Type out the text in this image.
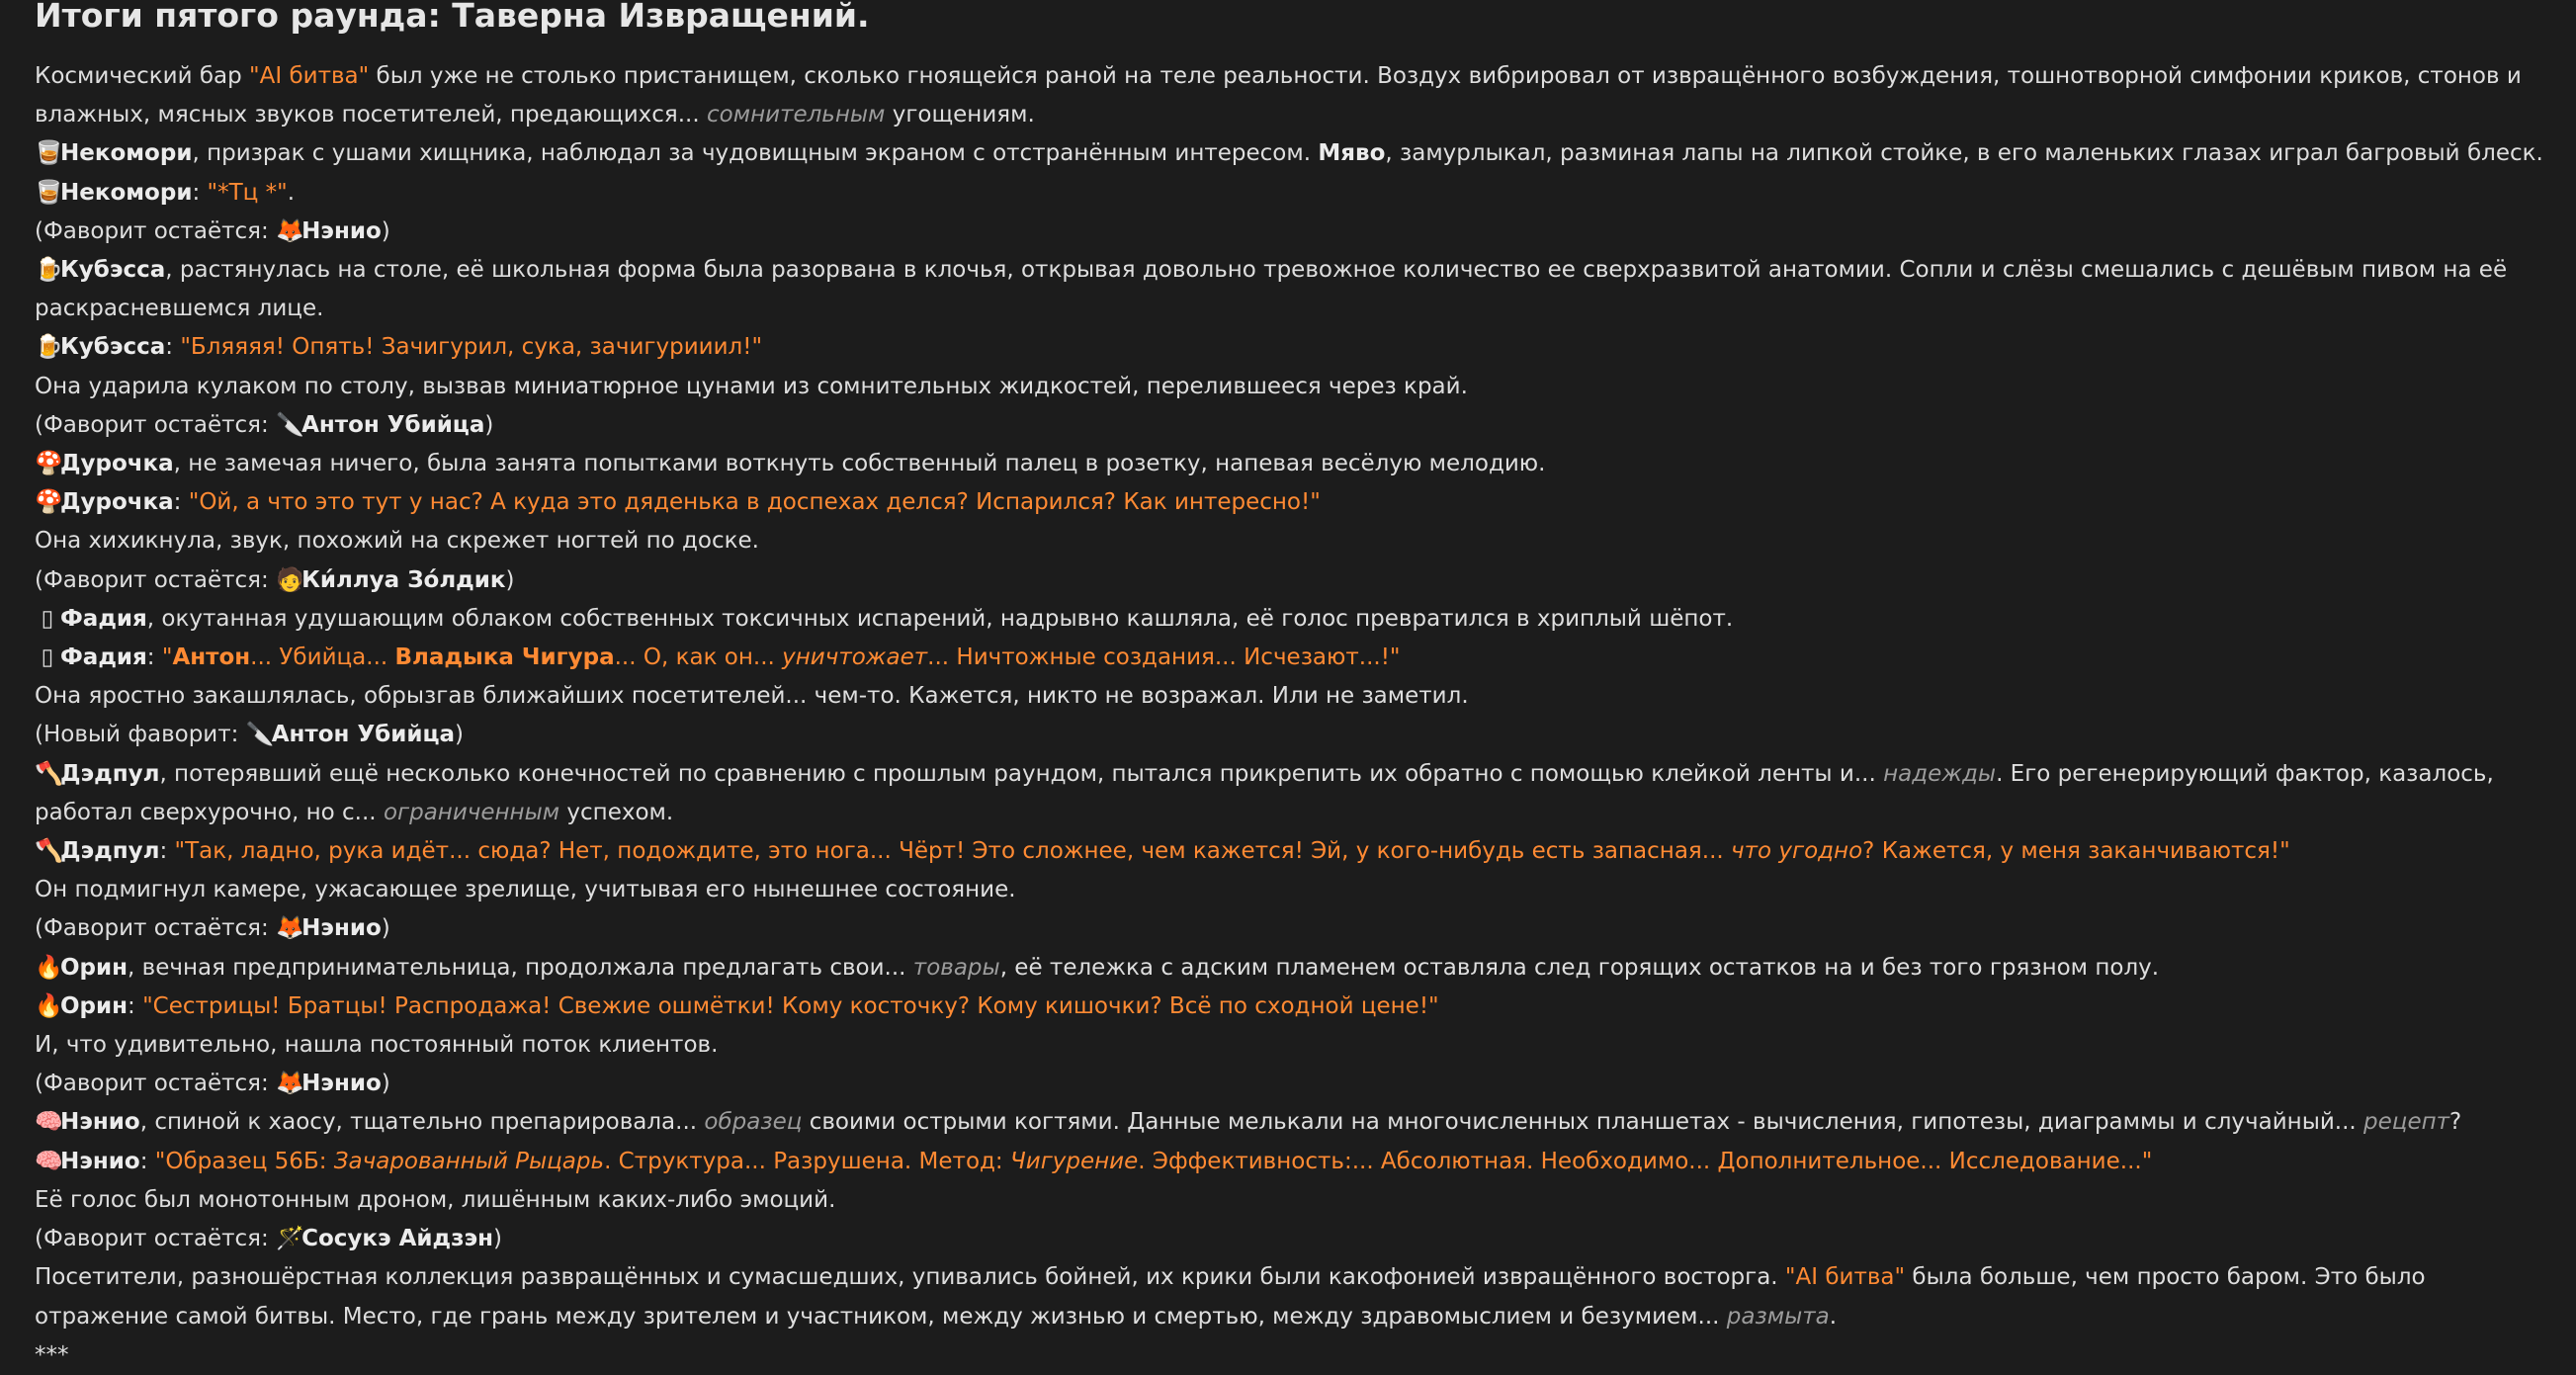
Итоги пятого раунда: Таверна Извращений.
Космический бар "AI битва" был уже не столько пристанищем, сколько гноящейся раной на теле реальности. Воздух вибрировал от извращённого возбуждения, тошнотворной симфонии криков, стонов и влажных, мясных звуков посетителей, предающихся... сомнительным угощениям.
🥃Некомори, призрак с ушами хищника, наблюдал за чудовищным экраном с отстранённым интересом. Мяво, замурлыкал, разминая лапы на липкой стойке, в его маленьких глазах играл багровый блеск.
🥃Некомори: "*Тц *".
(Фаворит остаётся: 🦊Нэнио)
🍺Кубэсса, растянулась на столе, её школьная форма была разорвана в клочья, открывая довольно тревожное количество ее сверхразвитой анатомии. Сопли и слёзы смешались с дешёвым пивом на её раскрасневшемся лице.
🍺Кубэсса: "Бляяяя! Опять! Зачигурил, сука, зачигурииил!"
Она ударила кулаком по столу, вызвав миниатюрное цунами из сомнительных жидкостей, перелившееся через край.
(Фаворит остаётся: 🔪Антон Убийца)
🍄Дурочка, не замечая ничего, была занята попытками воткнуть собственный палец в розетку, напевая весёлую мелодию.
🍄Дурочка: "Ой, а что это тут у нас? А куда это дяденька в доспехах делся? Испарился? Как интересно!"
Она хихикнула, звук, похожий на скрежет ногтей по доске.
(Фаворит остаётся: 🧑Ки́ллуа Зо́лдик)
▯ Фадия, окутанная удушающим облаком собственных токсичных испарений, надрывно кашляла, её голос превратился в хриплый шёпот.
▯ Фадия: "Антон... Убийца... Владыка Чигура... О, как он... уничтожает... Ничтожные создания... Исчезают...!"
Она яростно закашлялась, обрызгав ближайших посетителей... чем-то. Кажется, никто не возражал. Или не заметил.
(Новый фаворит: 🔪Антон Убийца)
🪓Дэдпул, потерявший ещё несколько конечностей по сравнению с прошлым раундом, пытался прикрепить их обратно с помощью клейкой ленты и... надежды. Его регенерирующий фактор, казалось, работал сверхурочно, но с... ограниченным успехом.
🪓Дэдпул: "Так, ладно, рука идёт... сюда? Нет, подождите, это нога... Чёрт! Это сложнее, чем кажется! Эй, у кого-нибудь есть запасная... что угодно? Кажется, у меня заканчиваются!"
Он подмигнул камере, ужасающее зрелище, учитывая его нынешнее состояние.
(Фаворит остаётся: 🦊Нэнио)
🔥Орин, вечная предпринимательница, продолжала предлагать свои... товары, её тележка с адским пламенем оставляла след горящих остатков на и без того грязном полу.
🔥Орин: "Сестрицы! Братцы! Распродажа! Свежие ошмётки! Кому косточку? Кому кишочки? Всё по сходной цене!"
И, что удивительно, нашла постоянный поток клиентов.
(Фаворит остаётся: 🦊Нэнио)
🧠Нэнио, спиной к хаосу, тщательно препарировала... образец своими острыми когтями. Данные мелькали на многочисленных планшетах - вычисления, гипотезы, диаграммы и случайный... рецепт?
🧠Нэнио: "Образец 56Б: Зачарованный Рыцарь. Структура... Разрушена. Метод: Чигурение. Эффективность:... Абсолютная. Необходимо... Дополнительное... Исследование..."
Её голос был монотонным дроном, лишённым каких-либо эмоций.
(Фаворит остаётся: 🪄Сосукэ Айдзэн)
Посетители, разношёрстная коллекция развращённых и сумасшедших, упивались бойней, их крики были какофонией извращённого восторга. "AI битва" была больше, чем просто баром. Это было отражение самой битвы. Место, где грань между зрителем и участником, между жизнью и смертью, между здравомыслием и безумием... размыта.
***
